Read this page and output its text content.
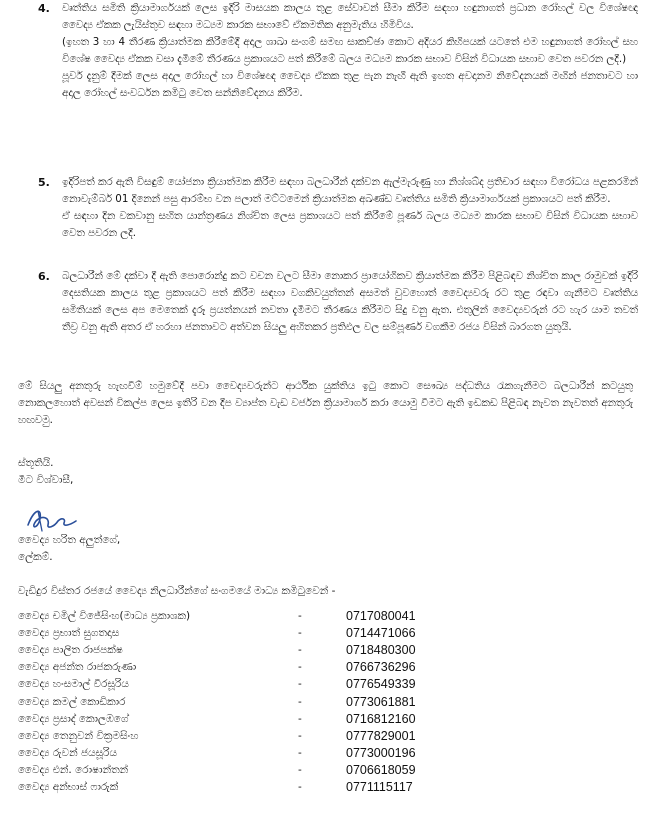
4. වෘත්තිය සමිති ක්‍රියාමාර්ගයක් ලෙස ඉදිරි මාසයක කාලය තුළ සේවාවන් සීමා කිරීම සඳහා හඳුනාගත් ප්‍රධාන රෝහල් වල විශේෂඥ වෛද්‍ය ඒකක ලැයිස්තුව සඳහා මධ්‍යම කාරක සභාවේ ඒකමතික අනුමැතිය හිමිවිය.
(ඉහත 3 හා 4 තීරණ ක්‍රියාත්මක කිරීමේදී අදාල ශාඛා සංගම් සමඟ සාකච්ඡා කොට අදියර කිහිපයක් යටතේ එම හඳුනාගත් රෝහල් සහ විශේෂ වෛද්‍ය ඒකක වසා දැමීමේ තීරණය ප්‍රකාශයට පත් කිරීමේ බලය මධ්‍යම කාරක සභාව විසින් විධායක සභාව වෙත පවරන ලදී.)
පූර්ව දැනුම් දීමක් ලෙස අදාල රෝහල් හා විශේෂඥ වෛද්‍ය ඒකක තුළ පැන නැඟී ඇති ඉහත අවදානම නිවේදනයක් මඟින් ජනතාවට හා අදාල රෝහල් සංවර්ධන කමිටු වෙත සන්නිවේදනය කිරීම.
5. ඉදිරිපත් කර ඇති විසඳුම් යෝජනා ක්‍රියාත්මක කිරීම සඳහා බලධාරීන් දක්වන ඇල්මැරුණු හා නිශ්ශබ්ද ප්‍රතිචාර සඳහා විරෝධය පළකරමින් නොවැම්බර් 01 දිනෙන් පසු ආරම්භ වන පලාත් මට්ටමෙන් ක්‍රියාත්මක අඛණ්ඩ වෘත්තිය සමිති ක්‍රියාමාර්ගයක් ප්‍රකාශයට පත් කිරීම.
ඒ සඳහා දින වකවානු සහිත යාන්ත්‍රණය නිශ්චිත ලෙස ප්‍රකාශයට පත් කිරීමේ පූර්ණ බලය මධ්‍යම කාරක සභාව විසින් විධායක සභාව වෙත පවරන ලදී.
6. බලධාරීන් මේ දක්වා දී ඇති පොරොන්දු කට වචන වලට සීමා නොකර ප්‍රායෝගිකව ක්‍රියාත්මක කිරීම පිළිබඳව නිශ්චිත කාල රාමුවක් ඉදිරි දෙසතියක කාලය තුළ ප්‍රකාශයට පත් කිරීම සඳහා වගකිවයුත්තන් අසමත් වුවහොත් වෛද්‍යවරු රට තුළ රඳවා ගැනීමට වෘත්තිය සමිතියක් ලෙස අප මෙතෙක් දැරූ ප්‍රයත්නයන් නවතා දැමීමට තීරණය කිරීමට සිදු වනු ඇත. එතුලින් වෛද්‍යවරුන් රට හැර යාම තවත් තීව්‍ර වනු ඇති අතර ඒ හරහා ජනතාවට අත්වන සියලු අහිතකර ප්‍රතිඵල වල සම්පූර්ණ වගකීම රජය විසින් බාරගත යුතුයි.
මේ සියලු අනතුරු හැඟවීම් හමුවේදී පවා වෛද්‍යවරුන්ට ආර්ථික යුක්තිය ඉටු කොට සෞඛ්‍ය පද්ධතිය රැකගැනීමට බලධාරීන් කටයුතු නොකලහොත් අවසන් විකල්ප ලෙස ඉතිරි වන දීප ව්‍යාප්ත වැඩ වර්ජන ක්‍රියාමාර්ග කරා යොමු වීමට ඇති ඉඩකඩ පිළිබඳ නැවත නැවතත් අනතුරු හඟවමු.
ස්තූතියි.
මීට විශ්වාසී,
වෛද්‍ය හරිත අලුත්ගේ,
ලේකම්.
වැඩිදුර විස්තර රජයේ වෛද්‍ය නිලධාරීන්ගේ සංගමයේ මාධ්‍ය කමිටුවෙන් -
වෛද්‍ය චමිල් විජේසිංහ(මාධ්‍ය ප්‍රකාශක)	-	0717080041
වෛද්‍ය ප්‍රභාත් සුගතදාස	-	0714471066
වෛද්‍ය පාලිත රාජපක්ෂ	-	0718480300
වෛද්‍ය අජන්ත රාජකරුණා	-	0766736296
වෛද්‍ය හංසමාල් වීරසූරිය	-	0776549339
වෛද්‍ය කමල් කොඩිකාර	-	0773061881
වෛද්‍ය ප්‍රසාද් කොලඹගේ	-	0716812160
වෛද්‍ය තෙනුවන් වික්‍රමසිංහ	-	0777829001
වෛද්‍ය රුවන් ජයසූරිය	-	0773000196
වෛද්‍ය එන්. රොෂාන්තන්	-	0706618059
වෛද්‍ය අන්භාස් ෆාරුක්	-	0771115117
